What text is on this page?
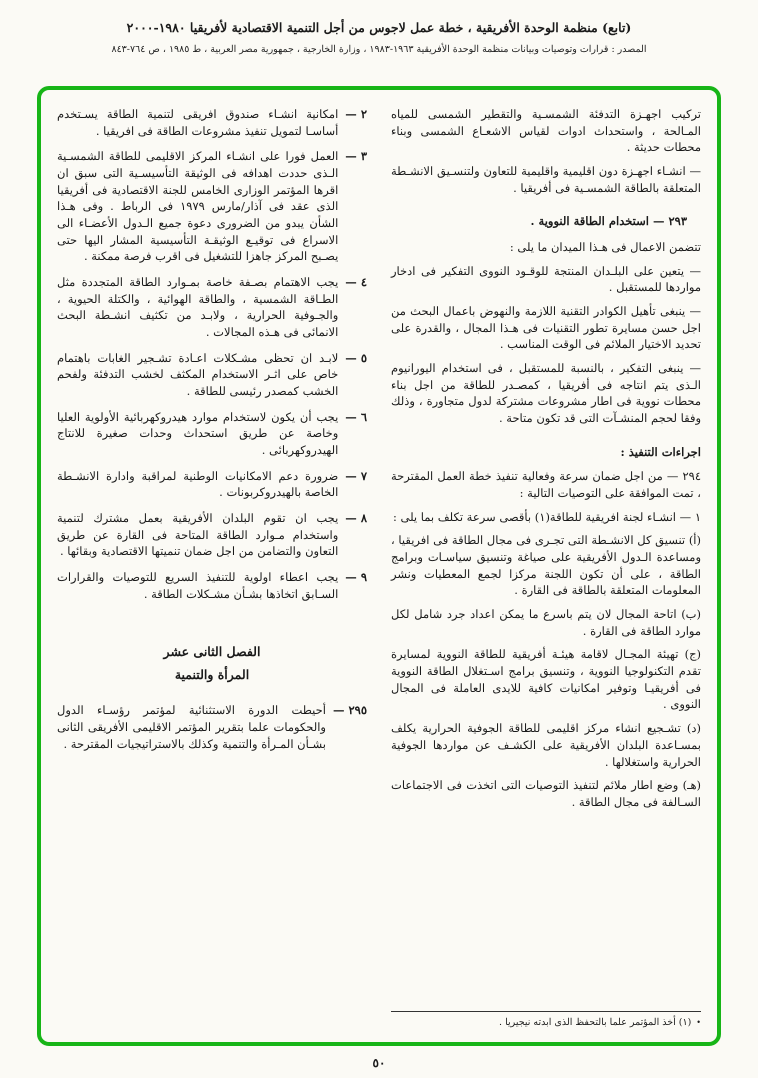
(تابع) منظمة الوحدة الأفريقية ، خطة عمل لاجوس من أجل التنمية الاقتصادية لأفريقيا ١٩٨٠-٢٠٠٠
المصدر : قرارات وتوصيات وبيانات منظمة الوحدة الأفريقية ١٩٦٣-١٩٨٣ ، وزارة الخارجية ، جمهورية مصر العربية ، ط ١٩٨٥ ، ص ٧٦٤-٨٤٣

تركيب اجهـزة التدفئة الشمسـية والتقطير الشمسى للمياه المـالحة ، واستحداث ادوات لقياس الاشعـاع الشمسى وبناء محطات حديثة .

— انشـاء اجهـزة دون اقليمية واقليمية للتعاون ولتنسـيق الانشـطة المتعلقة بالطاقة الشمسـية فى أفريقيا .

٢٩٣ — استخدام الطاقة النووية .

تتضمن الاعمال فى هـذا الميدان ما يلى :

— يتعين على البلـدان المنتجة للوقـود النووى التفكير فى ادخار مواردها للمستقبل .

— ينبغى تأهيل الكوادر التقنية اللازمة والنهوض باعمال البحث من اجل حسن مسايرة تطور التقنيات فى هـذا المجال ، والقدرة على تحديد الاختيار الملائم فى الوقت المناسب .

— ينبغى التفكير ، بالنسبة للمستقبل ، فى استخدام اليورانيوم الـذى يتم انتاجه فى أفريقيا ، كمصـدر للطاقة من اجل بناء محطات نووية فى اطار مشروعات مشتركة لدول متجاورة ، وذلك وفقا لحجم المنشـآت التى قد تكون متاحة .

اجراءات التنفيذ :

٢٩٤ — من اجل ضمان سرعة وفعالية تنفيذ خطة العمل المقترحة ، تمت الموافقة على التوصيات التالية :

١ — انشـاء لجنة افريقية للطاقة(١) بأقصى سرعة تكلف بما يلى :

(أ) تنسيق كل الانشـطة التى تجـرى فى مجال الطاقة فى افريقيا ، ومساعدة الـدول الأفريقية على صياغة وتنسيق سياسـات وبرامج الطاقة ، على أن تكون اللجنة مركزا لجمع المعطيات ونشر المعلومات المتعلقة بالطاقة فى القارة .

(ب) اتاحة المجال لان يتم باسرع ما يمكن اعداد جرد شامل لكل موارد الطاقة فى القارة .

(ج) تهيئة المجـال لاقامة هيئـة أفريقية للطاقة النووية لمسايرة تقدم التكنولوجيا النووية ، وتنسيق برامج اسـتغلال الطاقة النووية فى أفريقيـا وتوفير امكانيات كافية للايدى العاملة فى المجال النووى .

(د) تشـجيع انشاء مركز اقليمى للطاقة الجوفية الحرارية يكلف بمسـاعدة البلدان الأفريقية على الكشـف عن مواردها الجوفية الحرارية واستغلالها .

(هـ) وضع اطار ملائم لتنفيذ التوصيات التى اتخذت فى الاجتماعات السـالفة فى مجال الطاقة .

•
(١) أخذ المؤتمر علما بالتحفظ الذى ابدته نيجيريا .
٢ —
امكانية انشـاء صندوق افريقى لتنمية الطاقة يسـتخدم أساسـا لتمويل تنفيذ مشروعات الطاقة فى افريقيا .
٣ —
العمل فورا على انشـاء المركز الاقليمى للطاقة الشمسـية الـذى حددت اهدافه فى الوثيقة التأسيسـية التى سبق ان اقرها المؤتمر الوزارى الخامس للجنة الاقتصادية فى أفريقيا الذى عقد فى آذار/مارس ١٩٧٩ فى الرباط . وفى هـذا الشأن يبدو من الضرورى دعوة جميع الـدول الأعضـاء الى الاسراع فى توقيـع الوثيقـة التأسيسية المشار اليها حتى يصـبح المركز جاهزا للتشغيل فى اقرب فرصة ممكنة .
٤ —
يجب الاهتمام بصـفة خاصة بمـوارد الطاقة المتجددة مثل الطـاقة الشمسية ، والطاقة الهوائية ، والكتلة الحيوية ، والجـوفية الحرارية ، ولابـد من تكثيف انشـطة البحث الانمائى فى هـذه المجالات .
٥ —
لابـد ان تحظى مشـكلات اعـادة تشـجير الغابات باهتمام خاص على اثـر الاستخدام المكثف لخشب التدفئة ولفحم الخشب كمصدر رئيسى للطاقة .
٦ —
يجب أن يكون لاستخدام موارد هيدروكهربائية الأولوية العليا وخاصة عن طريق استحداث وحدات صغيرة للانتاج الهيدروكهربائى .
٧ —
ضرورة دعم الامكانيات الوطنية لمراقبة وادارة الانشـطة الخاصة بالهيدروكربونات .
٨ —
يجب ان تقوم البلدان الأفريقية بعمل مشترك لتنمية واستخدام مـوارد الطاقة المتاحة فى القارة عن طريق التعاون والتضامن من اجل ضمان تنميتها الاقتصادية وبقائها .
٩ —
يجب اعطاء اولوية للتنفيذ السريع للتوصيات والقرارات السـابق اتخاذها بشـأن مشـكلات الطاقة .
الفصل الثانى عشر
المرأة والتنمية
٢٩٥ —
أحيطت الدورة الاستثنائية لمؤتمر رؤسـاء الدول والحكومات علما بتقرير المؤتمر الاقليمى الأفريقى الثانى بشـأن المـرأة والتنمية وكذلك بالاستراتيجيات المقترحة .
٥٠
